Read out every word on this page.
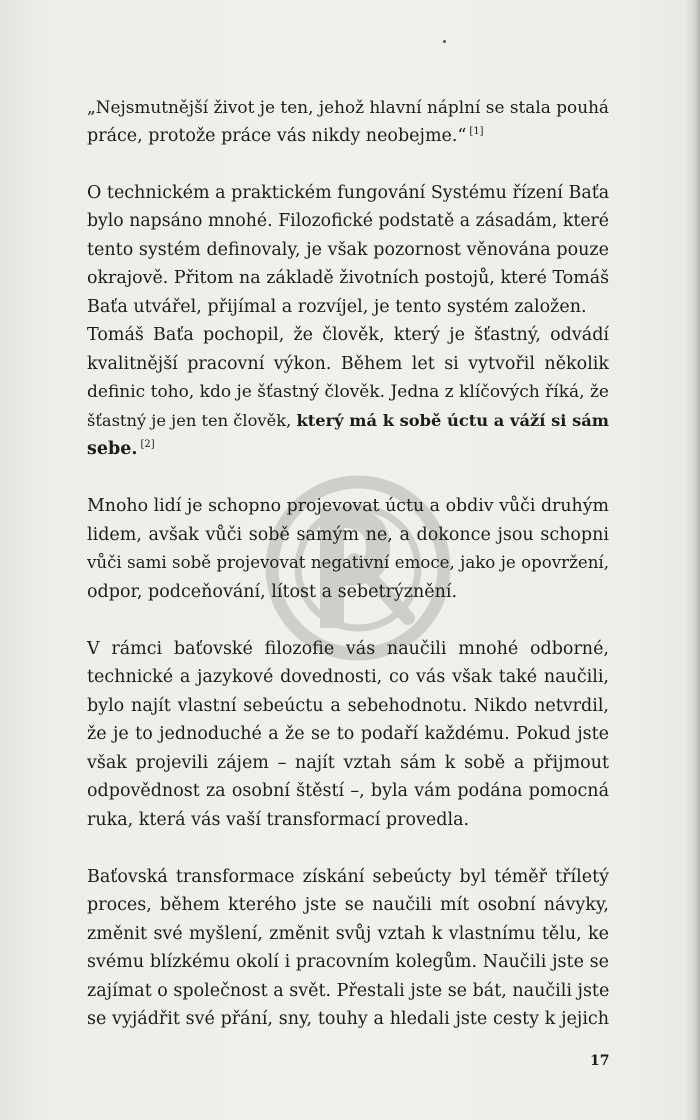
„Nejsmutnější život je ten, jehož hlavní náplní se stala pouhá
práce, protože práce vás nikdy neobejme.“ [1]
O technickém a praktickém fungování Systému řízení Baťa
bylo napsáno mnohé. Filozofické podstatě a zásadám, které
tento systém definovaly, je však pozornost věnována pouze
okrajově. Přitom na základě životních postojů, které Tomáš
Baťa utvářel, přijímal a rozvíjel, je tento systém založen.
Tomáš Baťa pochopil, že člověk, který je šťastný, odvádí
kvalitnější pracovní výkon. Během let si vytvořil několik
definic toho, kdo je šťastný člověk. Jedna z klíčových říká, že
šťastný je jen ten člověk, který má k sobě úctu a váží si sám
sebe. [2]
Mnoho lidí je schopno projevovat úctu a obdiv vůči druhým
lidem, avšak vůči sobě samým ne, a dokonce jsou schopni
vůči sami sobě projevovat negativní emoce, jako je opovržení,
odpor, podceňování, lítost a sebetrýznění.
V rámci baťovské filozofie vás naučili mnohé odborné,
technické a jazykové dovednosti, co vás však také naučili,
bylo najít vlastní sebeúctu a sebehodnotu. Nikdo netvrdil,
že je to jednoduché a že se to podaří každému. Pokud jste
však projevili zájem – najít vztah sám k sobě a přijmout
odpovědnost za osobní štěstí –, byla vám podána pomocná
ruka, která vás vaší transformací provedla.
Baťovská transformace získání sebeúcty byl téměř tříletý
proces, během kterého jste se naučili mít osobní návyky,
změnit své myšlení, změnit svůj vztah k vlastnímu tělu, ke
svému blízkému okolí i pracovním kolegům. Naučili jste se
zajímat o společnost a svět. Přestali jste se bát, naučili jste
se vyjádřit své přání, sny, touhy a hledali jste cesty k jejich
17
